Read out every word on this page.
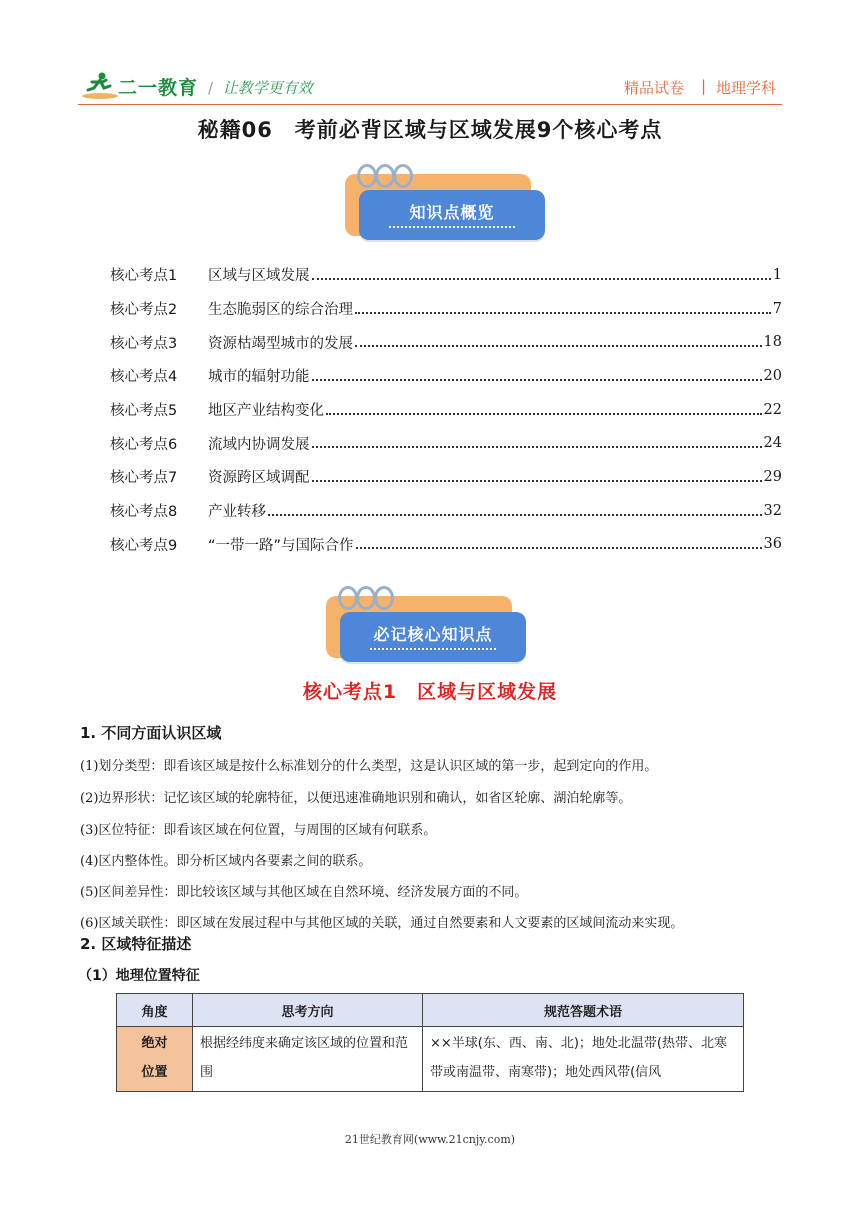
二一教育 /  让教学更有效	精品试卷 | 地理学科
秘籍06　考前必背区域与区域发展9个核心考点
知识点概览
核心考点1	区域与区域发展	1
核心考点2	生态脆弱区的综合治理	7
核心考点3	资源枯竭型城市的发展	18
核心考点4	城市的辐射功能	20
核心考点5	地区产业结构变化	22
核心考点6	流域内协调发展	24
核心考点7	资源跨区域调配	29
核心考点8	产业转移	32
核心考点9	“一带一路”与国际合作	36
必记核心知识点
核心考点1　区域与区域发展
1. 不同方面认识区域
(1)划分类型：即看该区域是按什么标准划分的什么类型，这是认识区域的第一步，起到定向的作用。
(2)边界形状：记忆该区域的轮廓特征，以便迅速准确地识别和确认，如省区轮廓、湖泊轮廓等。
(3)区位特征：即看该区域在何位置，与周围的区域有何联系。
(4)区内整体性。即分析区域内各要素之间的联系。
(5)区间差异性：即比较该区域与其他区域在自然环境、经济发展方面的不同。
(6)区域关联性：即区域在发展过程中与其他区域的关联，通过自然要素和人文要素的区域间流动来实现。
2. 区域特征描述
（1）地理位置特征
角度	思考方向	规范答题术语

绝对
位置	根据经纬度来确定该区域的位置和范围	××半球(东、西、南、北)；地处北温带(热带、北寒带或南温带、南寒带)；地处西风带(信风
21世纪教育网(www.21cnjy.com)
